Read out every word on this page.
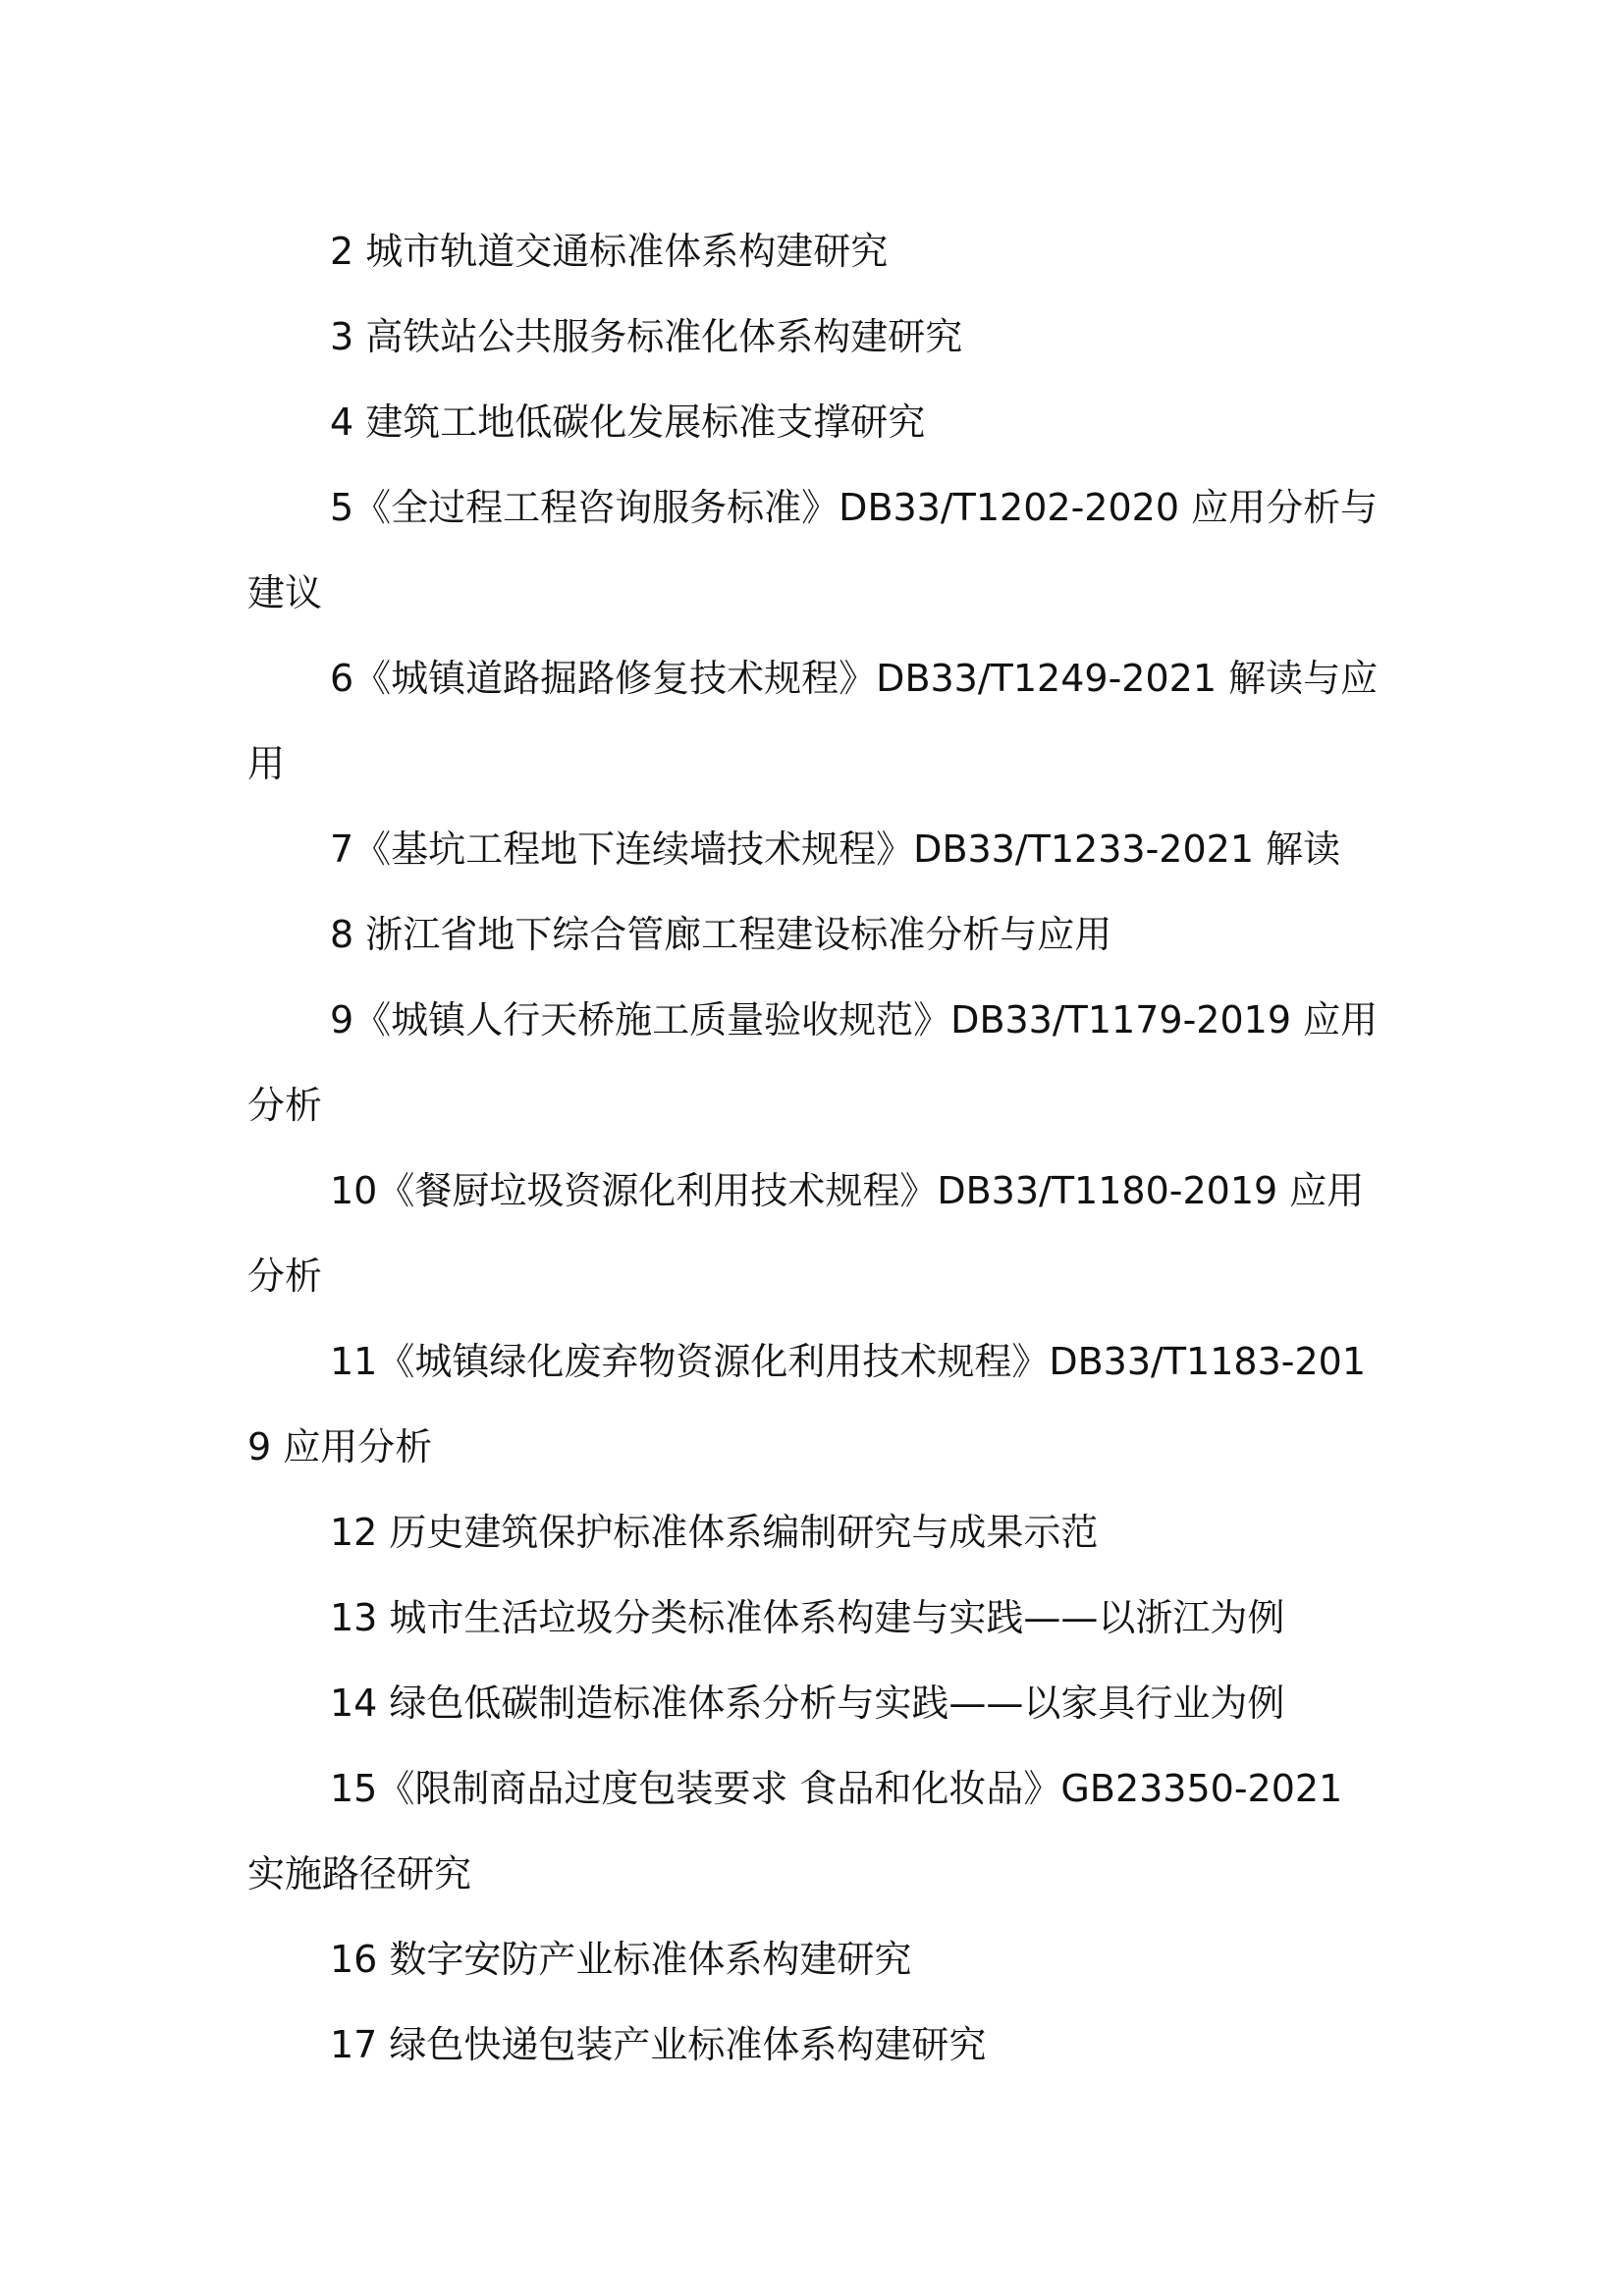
2 城市轨道交通标准体系构建研究

3 高铁站公共服务标准化体系构建研究

4 建筑工地低碳化发展标准支撑研究

5《全过程工程咨询服务标准》DB33/T1202-2020 应用分析与建议

6《城镇道路掘路修复技术规程》DB33/T1249-2021 解读与应用

7《基坑工程地下连续墙技术规程》DB33/T1233-2021 解读

8 浙江省地下综合管廊工程建设标准分析与应用

9《城镇人行天桥施工质量验收规范》DB33/T1179-2019 应用分析

10《餐厨垃圾资源化利用技术规程》DB33/T1180-2019 应用分析

11《城镇绿化废弃物资源化利用技术规程》DB33/T1183-2019 应用分析

12 历史建筑保护标准体系编制研究与成果示范

13 城市生活垃圾分类标准体系构建与实践——以浙江为例

14 绿色低碳制造标准体系分析与实践——以家具行业为例

15《限制商品过度包装要求 食品和化妆品》GB23350-2021 实施路径研究

16 数字安防产业标准体系构建研究

17 绿色快递包装产业标准体系构建研究
